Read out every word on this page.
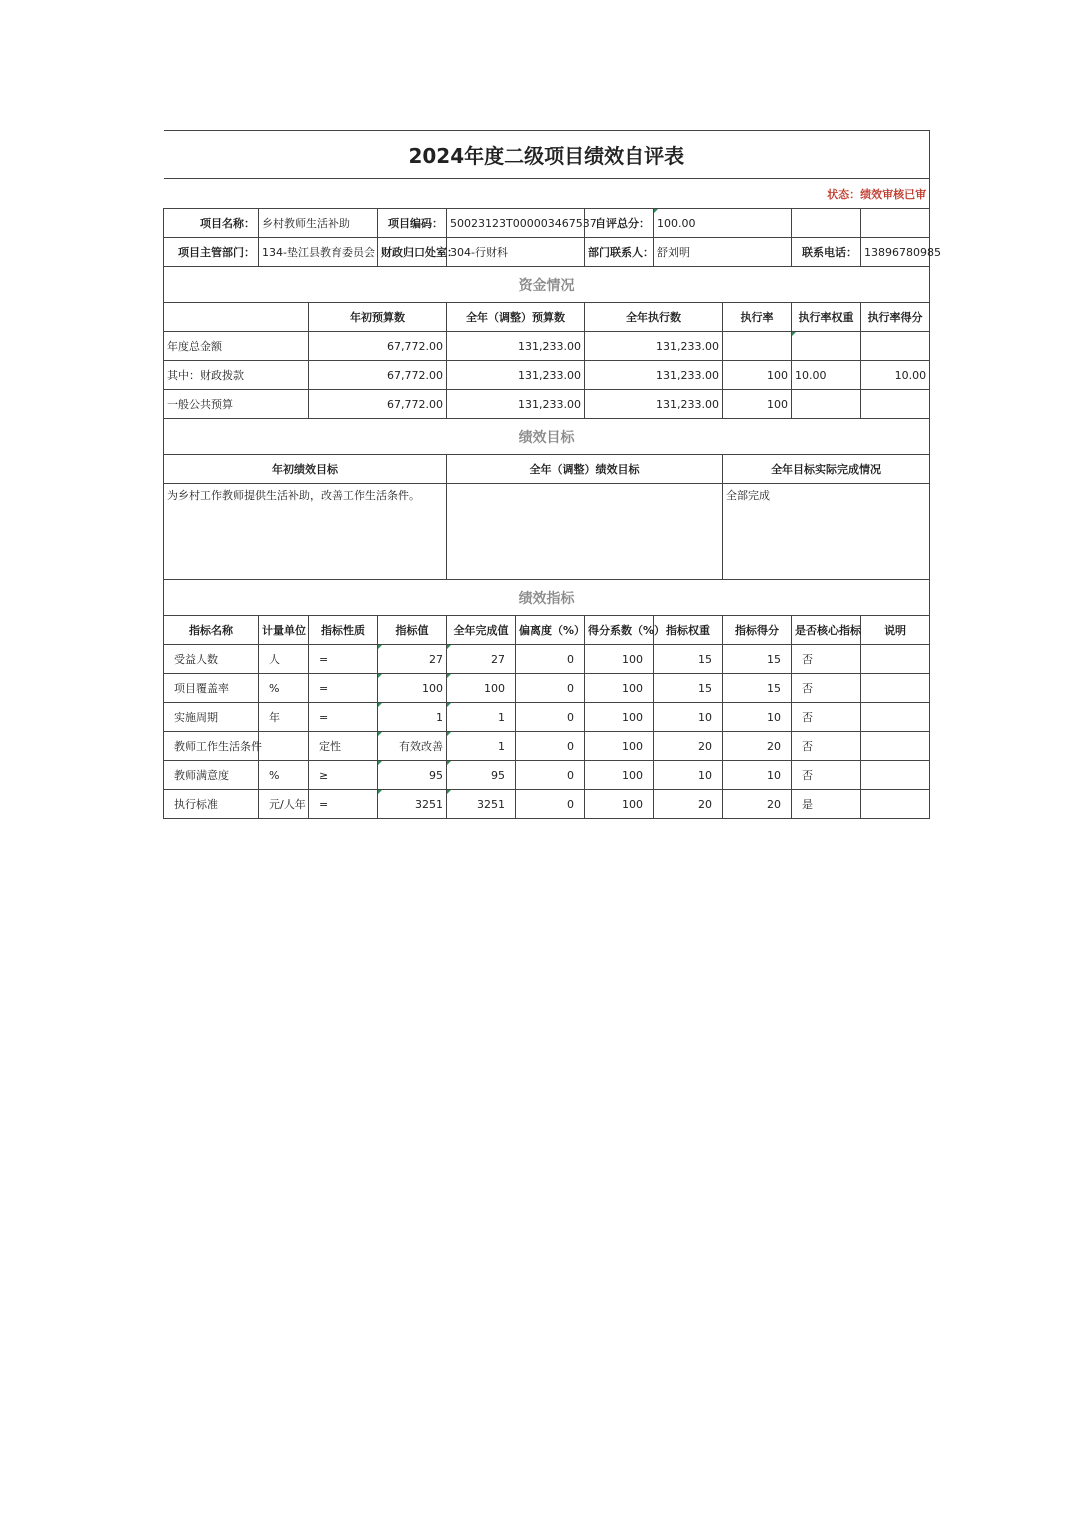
2024年度二级项目绩效自评表										
状态：绩效审核已审										
项目名称：	乡村教师生活补助		项目编码：	50023123T000003467537		自评总分：	100.00			
项目主管部门：	134-垫江县教育委员会		财政归口处室：	304-行财科		部门联系人：	舒刘明		联系电话：	13896780985
资金情况										
		年初预算数		全年（调整）预算数		全年执行数		执行率	执行率权重	执行率得分
年度总金额		67,772.00		131,233.00		131,233.00				
其中：财政拨款		67,772.00		131,233.00		131,233.00		100	10.00	10.00
一般公共预算		67,772.00		131,233.00		131,233.00		100		
绩效目标										
年初绩效目标				全年（调整）绩效目标				全年目标实际完成情况		
为乡村工作教师提供生活补助，改善工作生活条件。								全部完成		
绩效指标										
指标名称	计量单位	指标性质	指标值	全年完成值	偏离度（%）	得分系数（%）	指标权重	指标得分	是否核心指标	说明
受益人数	人	=	27	27	0	100	15	15	否	
项目覆盖率	%	=	100	100	0	100	15	15	否	
实施周期	年	=	1	1	0	100	10	10	否	
教师工作生活条件		定性	有效改善	1	0	100	20	20	否	
教师满意度	%	≥	95	95	0	100	10	10	否	
执行标准	元/人年	=	3251	3251	0	100	20	20	是	
